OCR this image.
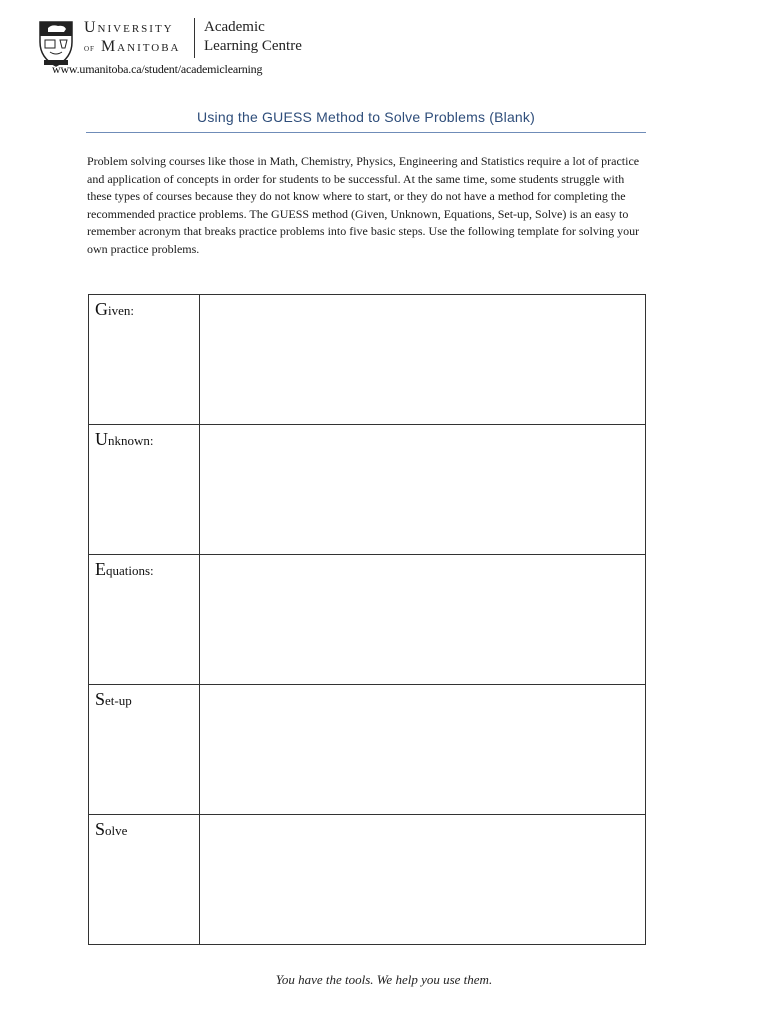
University
of Manitoba
Academic
Learning Centre
www.umanitoba.ca/student/academiclearning
Using the GUESS Method to Solve Problems (Blank)

Problem solving courses like those in Math, Chemistry, Physics, Engineering and Statistics require a lot of practice and application of concepts in order for students to be successful. At the same time, some students struggle with these types of courses because they do not know where to start, or they do not have a method for completing the recommended practice problems. The GUESS method (Given, Unknown, Equations, Set-up, Solve) is an easy to remember acronym that breaks practice problems into five basic steps. Use the following template for solving your own practice problems.

Given:	
Unknown:	
Equations:	
Set-up	
Solve	
You have the tools. We help you use them.
